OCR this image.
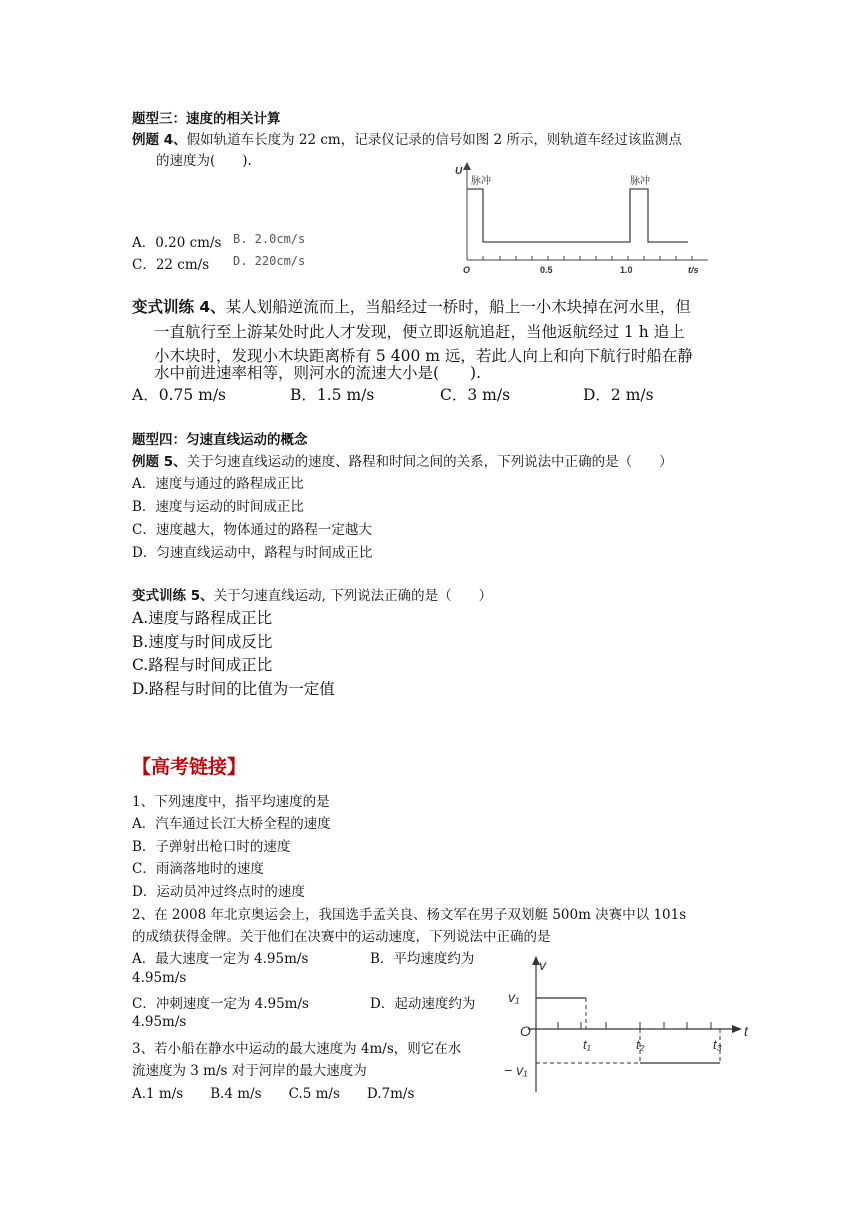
题型三：速度的相关计算
例题 4、假如轨道车长度为 22 cm，记录仪记录的信号如图 2 所示，则轨道车经过该监测点
的速度为(　　).
A．0.20 cm/s B. 2.0cm/s
C．22 cm/s D. 220cm/s
U
脉冲	脉冲
O	0.5	1.0	t/s
变式训练 4、某人划船逆流而上，当船经过一桥时，船上一小木块掉在河水里，但
一直航行至上游某处时此人才发现，便立即返航追赶，当他返航经过 1 h 追上
小木块时，发现小木块距离桥有 5 400 m 远，若此人向上和向下航行时船在静
水中前进速率相等，则河水的流速大小是(　　).
A．0.75 m/s	B．1.5 m/s	C．3 m/s	D．2 m/s
题型四：匀速直线运动的概念
例题 5、关于匀速直线运动的速度、路程和时间之间的关系，下列说法中正确的是（　　）
A．速度与通过的路程成正比
B．速度与运动的时间成正比
C．速度越大，物体通过的路程一定越大
D．匀速直线运动中，路程与时间成正比
变式训练 5、关于匀速直线运动, 下列说法正确的是（　　）
A.速度与路程成正比
B.速度与时间成反比
C.路程与时间成正比
D.路程与时间的比值为一定值
【高考链接】
1、下列速度中，指平均速度的是
A．汽车通过长江大桥全程的速度
B．子弹射出枪口时的速度
C．雨滴落地时的速度
D．运动员冲过终点时的速度
2、在 2008 年北京奥运会上，我国选手孟关良、杨文军在男子双划艇 500m 决赛中以 101s
的成绩获得金牌。关于他们在决赛中的运动速度，下列说法中正确的是
A．最大速度一定为 4.95m/s	B．平均速度约为
4.95m/s
C．冲刺速度一定为 4.95m/s	D．起动速度约为
4.95m/s
3、若小船在静水中运动的最大速度为 4m/s，则它在水
流速度为 3 m/s 对于河岸的最大速度为
A.1 m/s　　B.4 m/s　　C.5 m/s　　D.7m/s
v
v₁
O	t
t₁	t₂	t₃
− v₁
